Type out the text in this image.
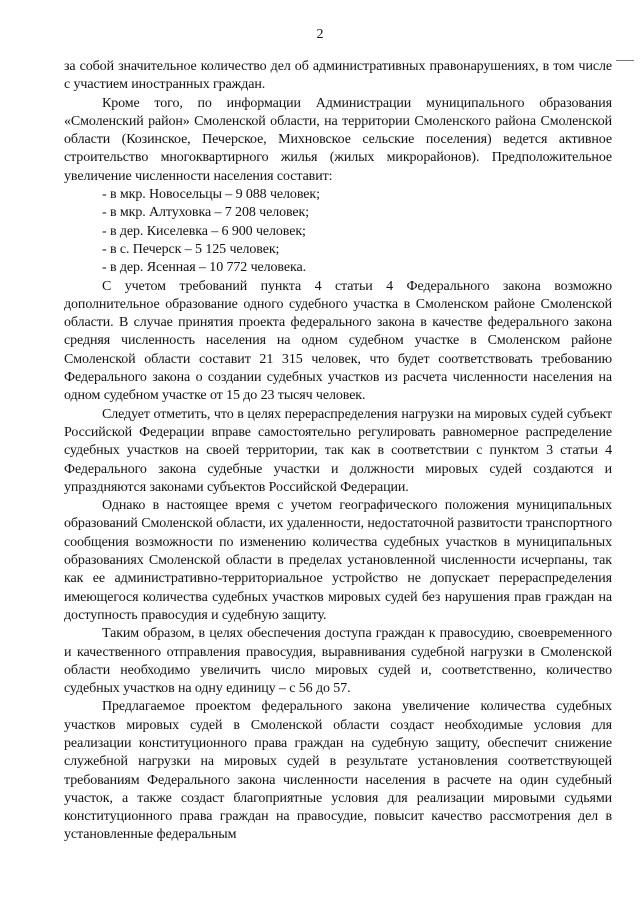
2

за собой значительное количество дел об административных правонарушениях, в том числе с участием иностранных граждан.

Кроме того, по информации Администрации муниципального образования «Смоленский район» Смоленской области, на территории Смоленского района Смоленской области (Козинское, Печерское, Михновское сельские поселения) ведется активное строительство многоквартирного жилья (жилых микрорайонов). Предположительное увеличение численности населения составит:

- в мкр. Новосельцы – 9 088 человек;
- в мкр. Алтуховка – 7 208 человек;
- в дер. Киселевка – 6 900 человек;
- в с. Печерск – 5 125 человек;
- в дер. Ясенная – 10 772 человека.

С учетом требований пункта 4 статьи 4 Федерального закона возможно дополнительное образование одного судебного участка в Смоленском районе Смоленской области. В случае принятия проекта федерального закона в качестве федерального закона средняя численность населения на одном судебном участке в Смоленском районе Смоленской области составит 21 315 человек, что будет соответствовать требованию Федерального закона о создании судебных участков из расчета численности населения на одном судебном участке от 15 до 23 тысяч человек.

Следует отметить, что в целях перераспределения нагрузки на мировых судей субъект Российской Федерации вправе самостоятельно регулировать равномерное распределение судебных участков на своей территории, так как в соответствии с пунктом 3 статьи 4 Федерального закона судебные участки и должности мировых судей создаются и упраздняются законами субъектов Российской Федерации.

Однако в настоящее время с учетом географического положения муниципальных образований Смоленской области, их удаленности, недостаточной развитости транспортного сообщения возможности по изменению количества судебных участков в муниципальных образованиях Смоленской области в пределах установленной численности исчерпаны, так как ее административно-территориальное устройство не допускает перераспределения имеющегося количества судебных участков мировых судей без нарушения прав граждан на доступность правосудия и судебную защиту.

Таким образом, в целях обеспечения доступа граждан к правосудию, своевременного и качественного отправления правосудия, выравнивания судебной нагрузки в Смоленской области необходимо увеличить число мировых судей и, соответственно, количество судебных участков на одну единицу – с 56 до 57.

Предлагаемое проектом федерального закона увеличение количества судебных участков мировых судей в Смоленской области создаст необходимые условия для реализации конституционного права граждан на судебную защиту, обеспечит снижение служебной нагрузки на мировых судей в результате установления соответствующей требованиям Федерального закона численности населения в расчете на один судебный участок, а также создаст благоприятные условия для реализации мировыми судьями конституционного права граждан на правосудие, повысит качество рассмотрения дел в установленные федеральным
